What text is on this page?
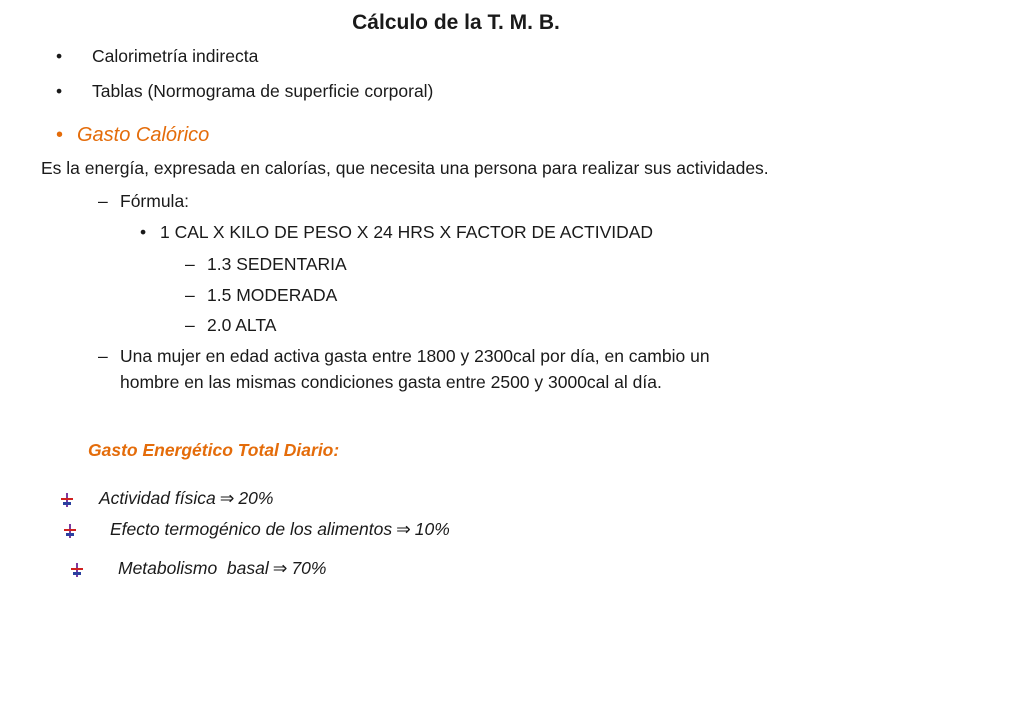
Cálculo de la T. M. B.
• Calorimetría indirecta
• Tablas (Normograma de superficie corporal)
• Gasto Calórico
Es la energía, expresada en calorías, que necesita una persona para realizar sus actividades.
– Fórmula:
• 1 CAL X KILO DE PESO X 24 HRS X FACTOR DE ACTIVIDAD
– 1.3 SEDENTARIA
– 1.5 MODERADA
– 2.0 ALTA
– Una mujer en edad activa gasta entre 1800 y 2300cal por día, en cambio un
hombre en las mismas condiciones gasta entre 2500 y 3000cal al día.
Gasto Energético Total Diario:
Actividad física ⇒ 20%
Efecto termogénico de los alimentos ⇒ 10%
Metabolismo  basal ⇒ 70%
